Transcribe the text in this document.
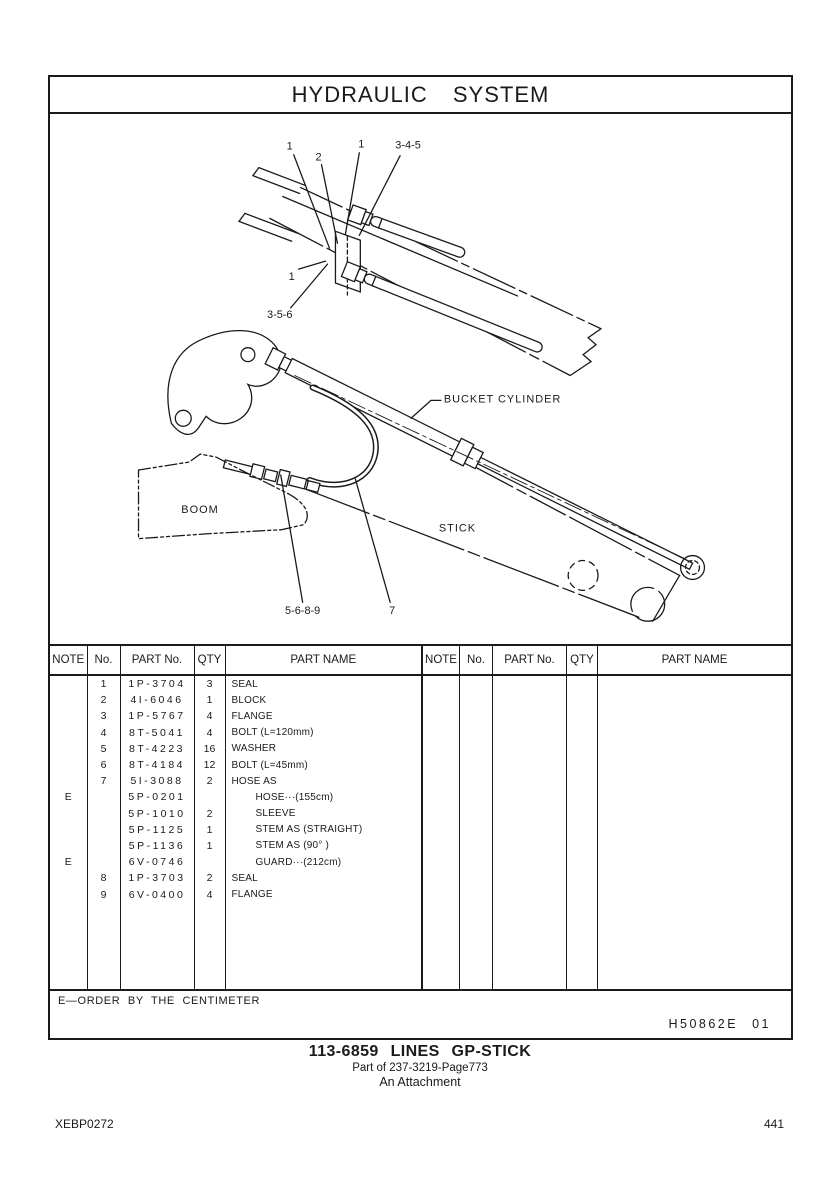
HYDRAULIC SYSTEM
1
2
1	3-4-5
1
3-5-6
BUCKET CYLINDER
BOOM
STICK
5-6-8-9	7
NOTE	No.	PART No.	QTY	PART NAME
	1	1P-3704	3	SEAL
	2	4I-6046	1	BLOCK
	3	1P-5767	4	FLANGE
	4	8T-5041	4	BOLT (L=120mm)
	5	8T-4223	16	WASHER
	6	8T-4184	12	BOLT (L=45mm)
	7	5I-3088	2	HOSE AS
E		5P-0201		HOSE···(155cm)
		5P-1010	2	SLEEVE
		5P-1125	1	STEM AS (STRAIGHT)
		5P-1136	1	STEM AS (90° )
E		6V-0746		GUARD···(212cm)
	8	1P-3703	2	SEAL
	9	6V-0400	4	FLANGE

NOTE	No.	PART No.	QTY	PART NAME

E—ORDER BY THE CENTIMETER
H50862E 01
113-6859 LINES GP-STICK
Part of 237-3219-Page773
An Attachment
XEBP0272	441
